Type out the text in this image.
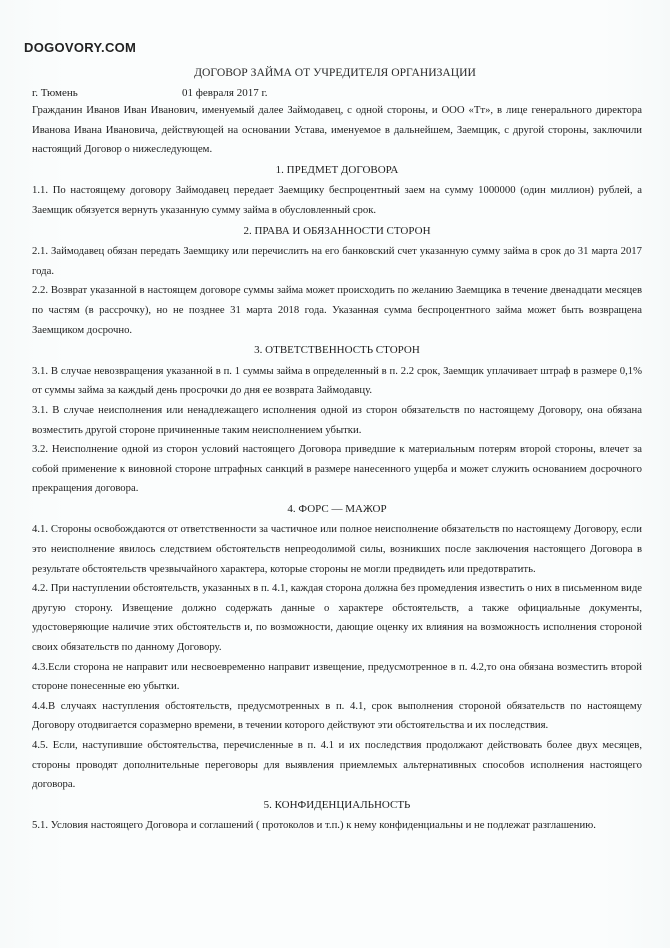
DOGOVORY.COM
ДОГОВОР ЗАЙМА ОТ УЧРЕДИТЕЛЯ ОРГАНИЗАЦИИ
г. Тюмень	01 февраля 2017 г.

Гражданин Иванов Иван Иванович, именуемый далее Займодавец, с одной стороны, и ООО «Тт», в лице генерального директора Иванова Ивана Ивановича, действующей на основании Устава, именуемое в дальнейшем, Заемщик, с другой стороны, заключили настоящий Договор о нижеследующем.

1. ПРЕДМЕТ ДОГОВОРА

1.1. По настоящему договору Займодавец передает Заемщику беспроцентный заем на сумму 1000000 (один миллион) рублей, а Заемщик обязуется вернуть указанную сумму займа в обусловленный срок.

2. ПРАВА И ОБЯЗАННОСТИ СТОРОН

2.1. Займодавец обязан передать Заемщику или перечислить на его банковский счет указанную сумму займа в срок до 31 марта 2017 года.

2.2. Возврат указанной в настоящем договоре суммы займа может происходить по желанию Заемщика в течение двенадцати месяцев по частям (в рассрочку), но не позднее 31 марта 2018 года. Указанная сумма беспроцентного займа может быть возвращена Заемщиком досрочно.

3. ОТВЕТСТВЕННОСТЬ СТОРОН

3.1. В случае невозвращения указанной в п. 1 суммы займа в определенный в п. 2.2 срок, Заемщик уплачивает штраф в размере 0,1% от суммы займа за каждый день просрочки до дня ее возврата Займодавцу.

3.1. В случае неисполнения или ненадлежащего исполнения одной из сторон обязательств по настоящему Договору, она обязана возместить другой стороне причиненные таким неисполнением убытки.

3.2. Неисполнение одной из сторон условий настоящего Договора приведшие к материальным потерям второй стороны, влечет за собой применение к виновной стороне штрафных санкций в размере нанесенного ущерба и может служить основанием досрочного прекращения договора.

4. ФОРС — МАЖОР

4.1. Стороны освобождаются от ответственности за частичное или полное неисполнение обязательств по настоящему Договору, если это неисполнение явилось следствием обстоятельств непреодолимой силы, возникших после заключения настоящего Договора в результате обстоятельств чрезвычайного характера, которые стороны не могли предвидеть или предотвратить.

4.2. При наступлении обстоятельств, указанных в п. 4.1, каждая сторона должна без промедления известить о них в письменном виде другую сторону. Извещение должно содержать данные о характере обстоятельств, а также официальные документы, удостоверяющие наличие этих обстоятельств и, по возможности, дающие оценку их влияния на возможность исполнения стороной своих обязательств по данному Договору.

4.3.Если сторона не направит или несвоевременно направит извещение, предусмотренное в п. 4.2,то она обязана возместить второй стороне понесенные ею убытки.

4.4.В случаях наступления обстоятельств, предусмотренных в п. 4.1, срок выполнения стороной обязательств по настоящему Договору отодвигается соразмерно времени, в течении которого действуют эти обстоятельства и их последствия.

4.5. Если, наступившие обстоятельства, перечисленные в п. 4.1 и их последствия продолжают действовать более двух месяцев, стороны проводят дополнительные переговоры для выявления приемлемых альтернативных способов исполнения настоящего договора.

5. КОНФИДЕНЦИАЛЬНОСТЬ

5.1. Условия настоящего Договора и соглашений ( протоколов и т.п.) к нему конфиденциальны и не подлежат разглашению.
